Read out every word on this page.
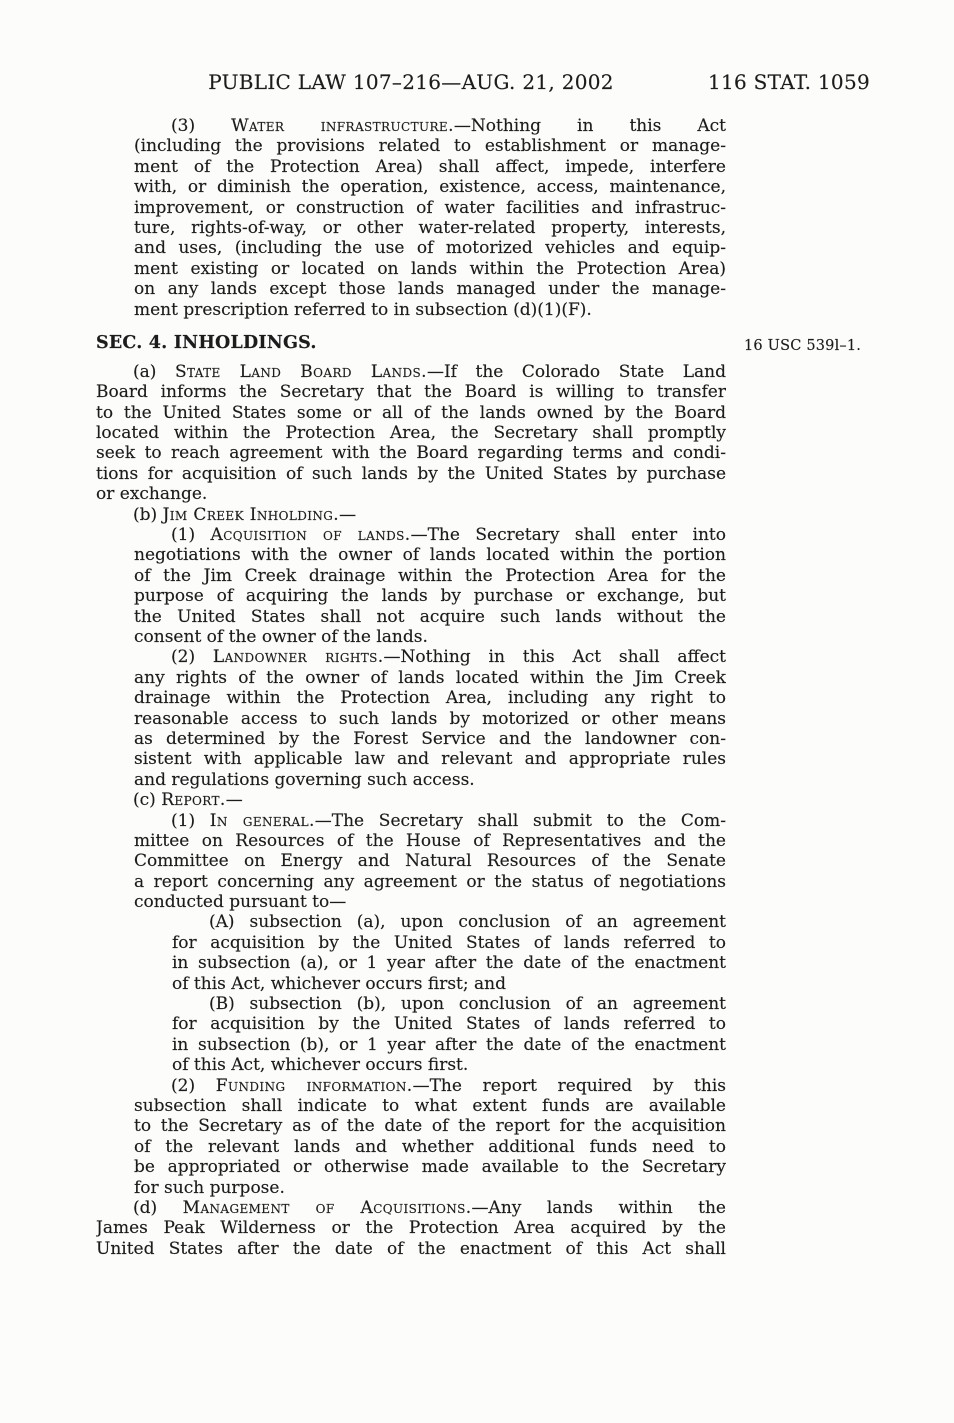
PUBLIC LAW 107–216—AUG. 21, 2002	116 STAT. 1059
(3) Water infrastructure.—Nothing in this Act
(including the provisions related to establishment or manage-
ment of the Protection Area) shall affect, impede, interfere
with, or diminish the operation, existence, access, maintenance,
improvement, or construction of water facilities and infrastruc-
ture, rights-of-way, or other water-related property, interests,
and uses, (including the use of motorized vehicles and equip-
ment existing or located on lands within the Protection Area)
on any lands except those lands managed under the manage-
ment prescription referred to in subsection (d)(1)(F).
SEC. 4. INHOLDINGS.
(a) State Land Board Lands.—If the Colorado State Land
Board informs the Secretary that the Board is willing to transfer
to the United States some or all of the lands owned by the Board
located within the Protection Area, the Secretary shall promptly
seek to reach agreement with the Board regarding terms and condi-
tions for acquisition of such lands by the United States by purchase
or exchange.
(b) Jim Creek Inholding.—
(1) Acquisition of lands.—The Secretary shall enter into
negotiations with the owner of lands located within the portion
of the Jim Creek drainage within the Protection Area for the
purpose of acquiring the lands by purchase or exchange, but
the United States shall not acquire such lands without the
consent of the owner of the lands.
(2) Landowner rights.—Nothing in this Act shall affect
any rights of the owner of lands located within the Jim Creek
drainage within the Protection Area, including any right to
reasonable access to such lands by motorized or other means
as determined by the Forest Service and the landowner con-
sistent with applicable law and relevant and appropriate rules
and regulations governing such access.
(c) Report.—
(1) In general.—The Secretary shall submit to the Com-
mittee on Resources of the House of Representatives and the
Committee on Energy and Natural Resources of the Senate
a report concerning any agreement or the status of negotiations
conducted pursuant to—
(A) subsection (a), upon conclusion of an agreement
for acquisition by the United States of lands referred to
in subsection (a), or 1 year after the date of the enactment
of this Act, whichever occurs first; and
(B) subsection (b), upon conclusion of an agreement
for acquisition by the United States of lands referred to
in subsection (b), or 1 year after the date of the enactment
of this Act, whichever occurs first.
(2) Funding information.—The report required by this
subsection shall indicate to what extent funds are available
to the Secretary as of the date of the report for the acquisition
of the relevant lands and whether additional funds need to
be appropriated or otherwise made available to the Secretary
for such purpose.
(d) Management of Acquisitions.—Any lands within the
James Peak Wilderness or the Protection Area acquired by the
United States after the date of the enactment of this Act shall
16 USC 539l–1.
